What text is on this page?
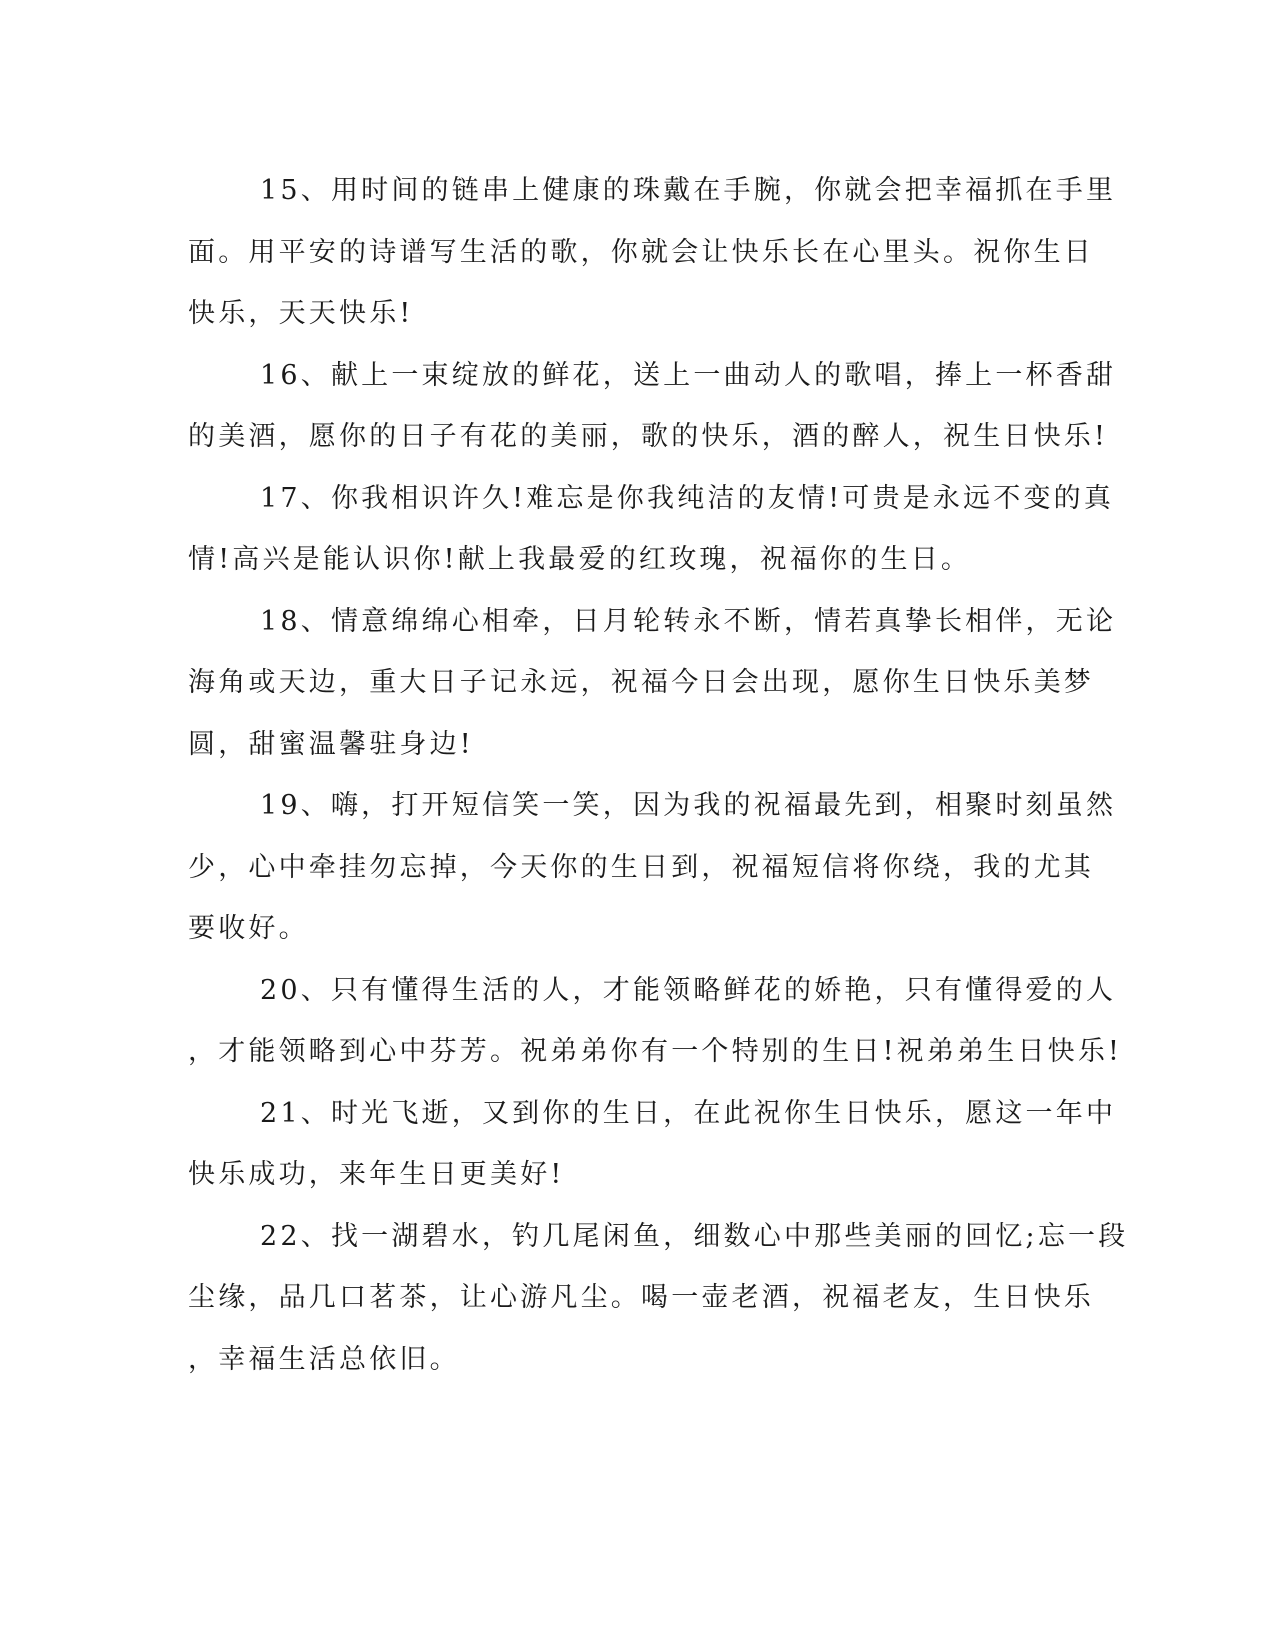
15、用时间的链串上健康的珠戴在手腕，你就会把幸福抓在手里
面。用平安的诗谱写生活的歌，你就会让快乐长在心里头。祝你生日
快乐，天天快乐!

16、献上一束绽放的鲜花，送上一曲动人的歌唱，捧上一杯香甜
的美酒，愿你的日子有花的美丽，歌的快乐，酒的醉人，祝生日快乐!

17、你我相识许久!难忘是你我纯洁的友情!可贵是永远不变的真
情!高兴是能认识你!献上我最爱的红玫瑰，祝福你的生日。

18、情意绵绵心相牵，日月轮转永不断，情若真挚长相伴，无论
海角或天边，重大日子记永远，祝福今日会出现，愿你生日快乐美梦
圆，甜蜜温馨驻身边!

19、嗨，打开短信笑一笑，因为我的祝福最先到，相聚时刻虽然
少，心中牵挂勿忘掉，今天你的生日到，祝福短信将你绕，我的尤其
要收好。

20、只有懂得生活的人，才能领略鲜花的娇艳，只有懂得爱的人
，才能领略到心中芬芳。祝弟弟你有一个特别的生日!祝弟弟生日快乐!

21、时光飞逝，又到你的生日，在此祝你生日快乐，愿这一年中
快乐成功，来年生日更美好!

22、找一湖碧水，钓几尾闲鱼，细数心中那些美丽的回忆;忘一段
尘缘，品几口茗茶，让心游凡尘。喝一壶老酒，祝福老友，生日快乐
，幸福生活总依旧。
